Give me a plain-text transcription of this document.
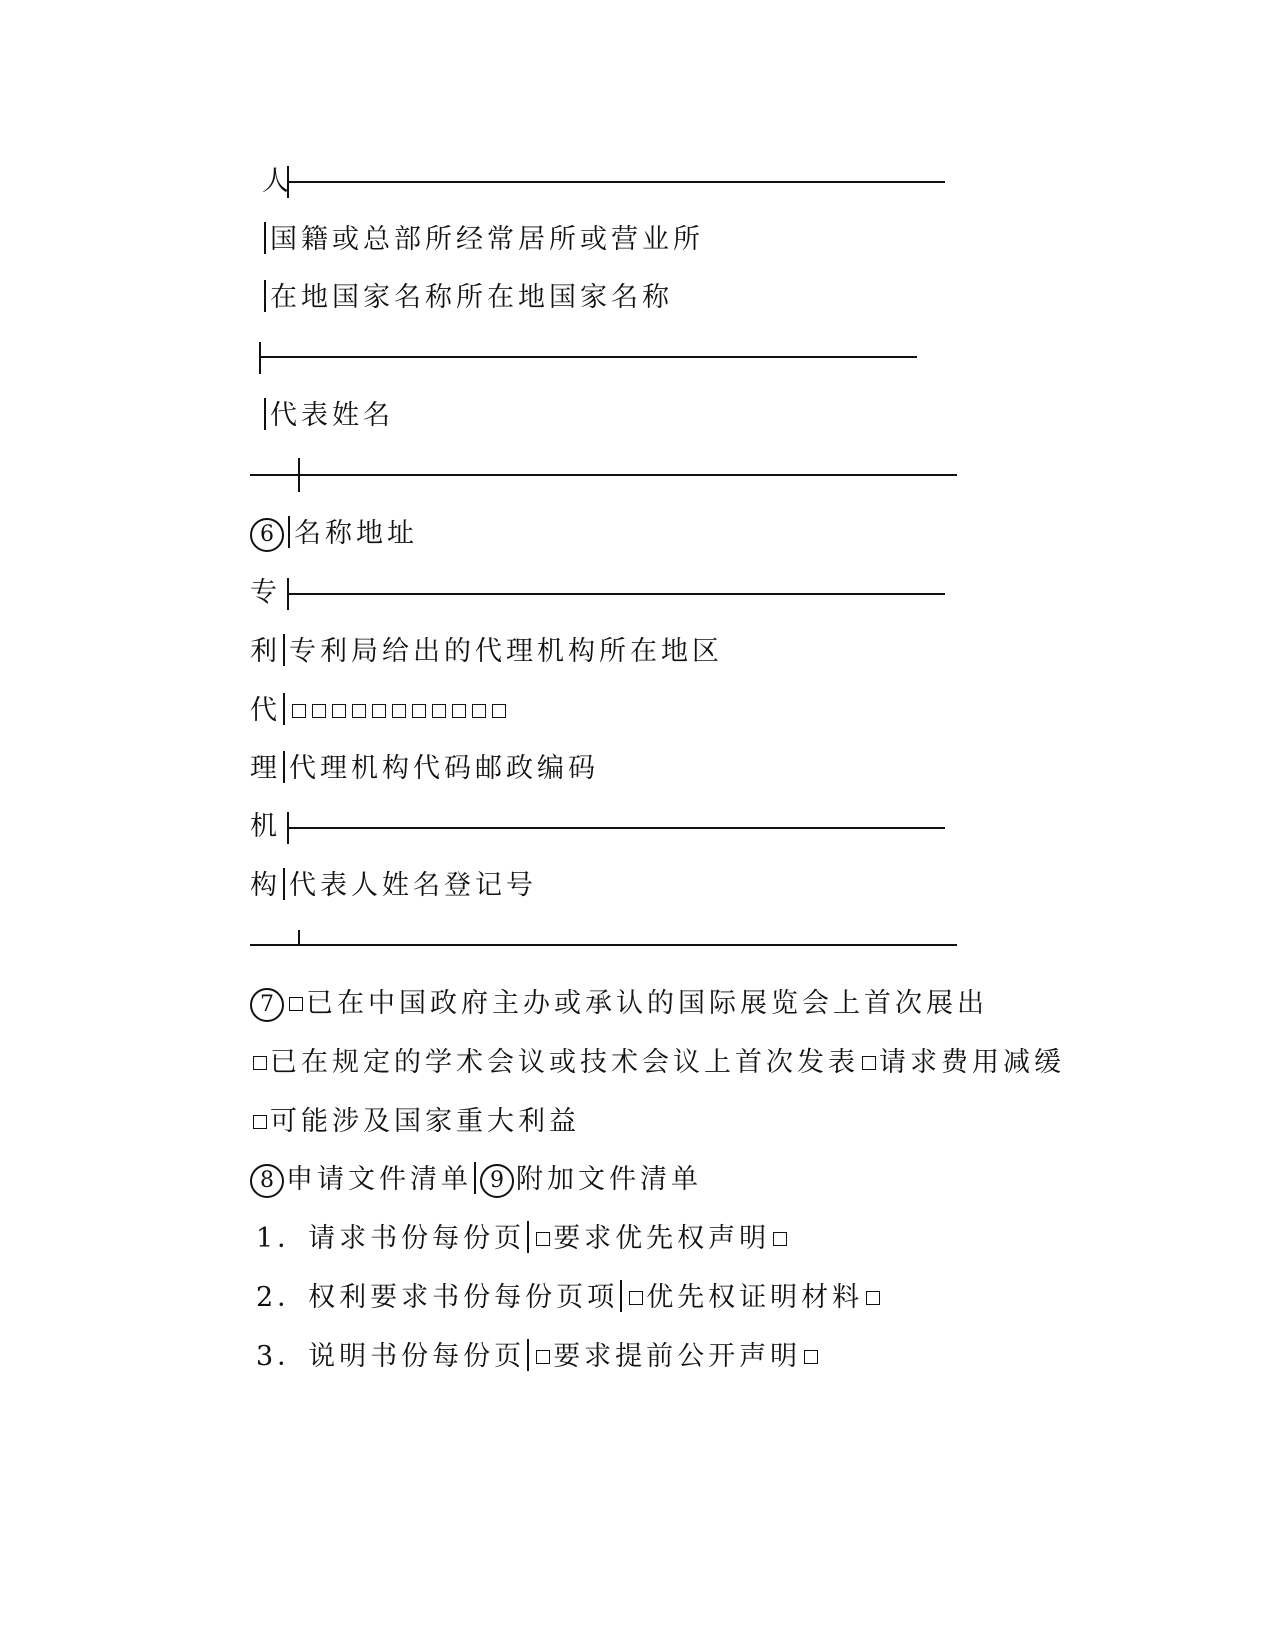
人
国籍或总部所经常居所或营业所
在地国家名称所在地国家名称
代表姓名
6 名称地址
专
利 专利局给出的代理机构所在地区
代
理 代理机构代码邮政编码
机
构 代表人姓名登记号
7 已在中国政府主办或承认的国际展览会上首次展出
已在规定的学术会议或技术会议上首次发表 请求费用减缓
可能涉及国家重大利益
8 申请文件清单 9 附加文件清单
1．请求书份每份页 要求优先权声明
2．权利要求书份每份页项 优先权证明材料
3．说明书份每份页 要求提前公开声明
